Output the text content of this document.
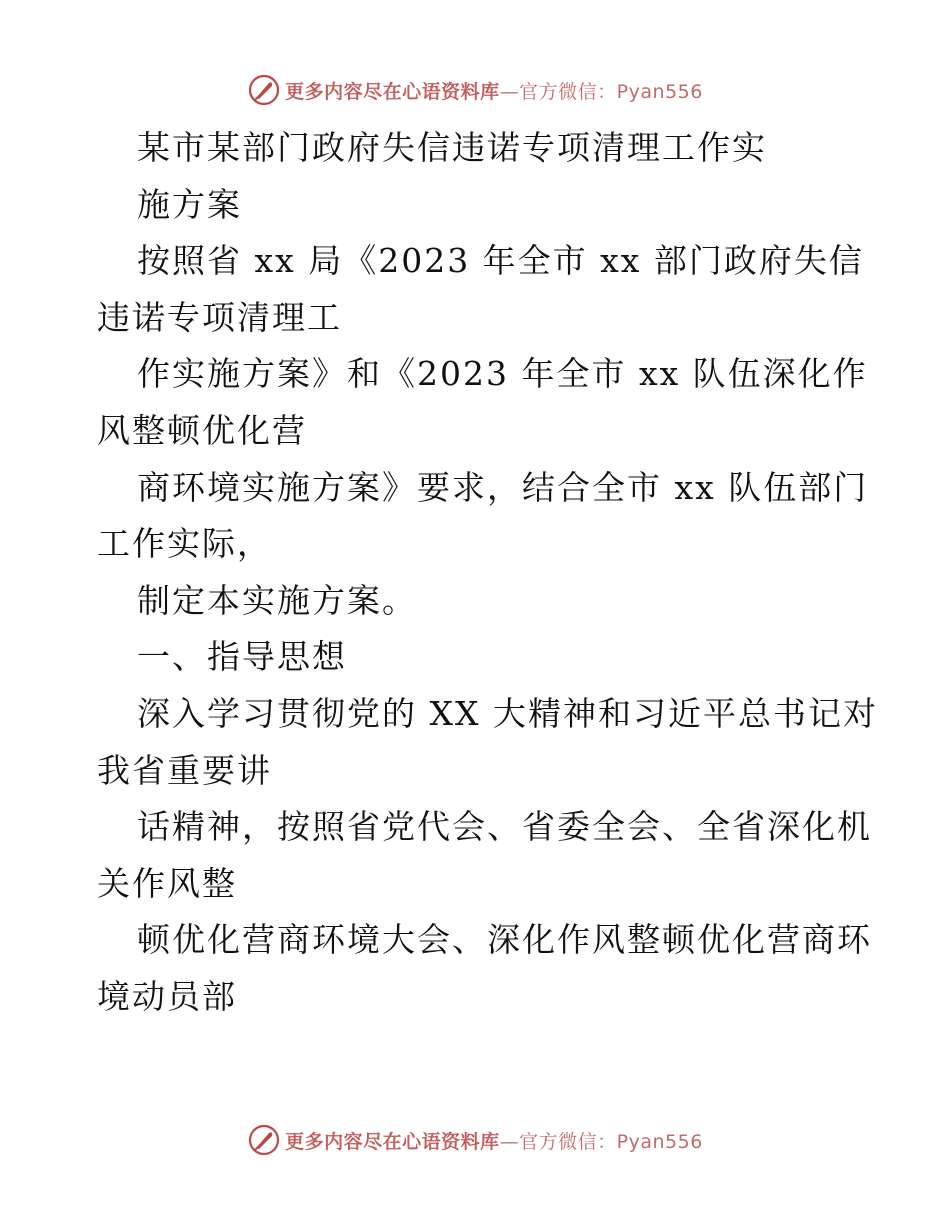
更多内容尽在心语资料库—官方微信：Pyan556
某市某部门政府失信违诺专项清理工作实
施方案
按照省 xx 局《2023 年全市 xx 部门政府失信
违诺专项清理工
作实施方案》和《2023 年全市 xx 队伍深化作
风整顿优化营
商环境实施方案》要求，结合全市 xx 队伍部门
工作实际，
制定本实施方案。
一、指导思想
深入学习贯彻党的 XX 大精神和习近平总书记对
我省重要讲
话精神，按照省党代会、省委全会、全省深化机
关作风整
顿优化营商环境大会、深化作风整顿优化营商环
境动员部
更多内容尽在心语资料库—官方微信：Pyan556
